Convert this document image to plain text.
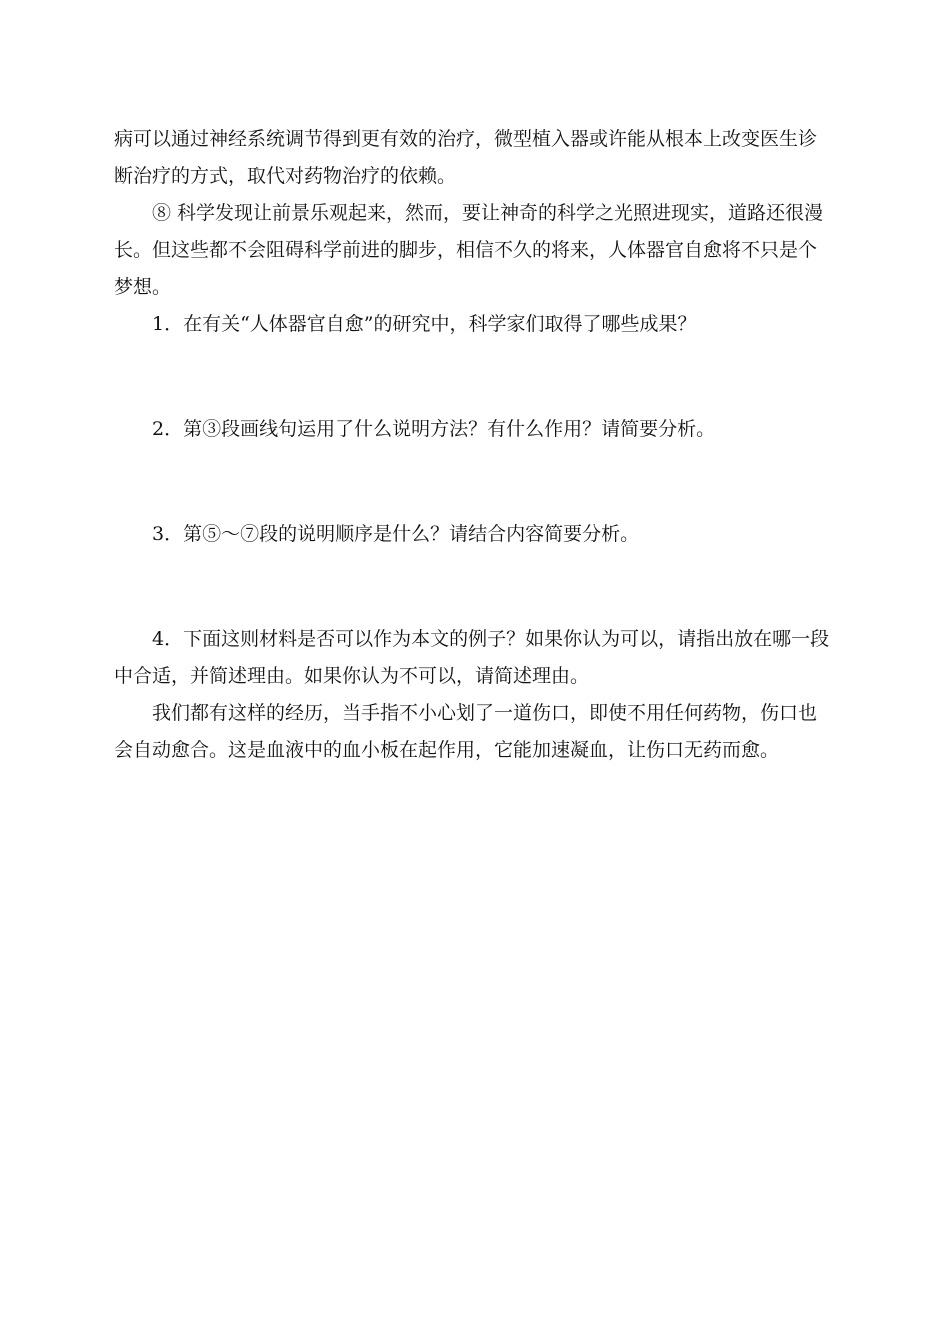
病可以通过神经系统调节得到更有效的治疗，微型植入器或许能从根本上改变医生诊
断治疗的方式，取代对药物治疗的依赖。
⑧ 科学发现让前景乐观起来，然而，要让神奇的科学之光照进现实，道路还很漫
长。但这些都不会阻碍科学前进的脚步，相信不久的将来，人体器官自愈将不只是个
梦想。
1．在有关“人体器官自愈”的研究中，科学家们取得了哪些成果？
2．第③段画线句运用了什么说明方法？有什么作用？请简要分析。
3．第⑤～⑦段的说明顺序是什么？请结合内容简要分析。
4．下面这则材料是否可以作为本文的例子？如果你认为可以，请指出放在哪一段
中合适，并简述理由。如果你认为不可以，请简述理由。
我们都有这样的经历，当手指不小心划了一道伤口，即使不用任何药物，伤口也
会自动愈合。这是血液中的血小板在起作用，它能加速凝血，让伤口无药而愈。
